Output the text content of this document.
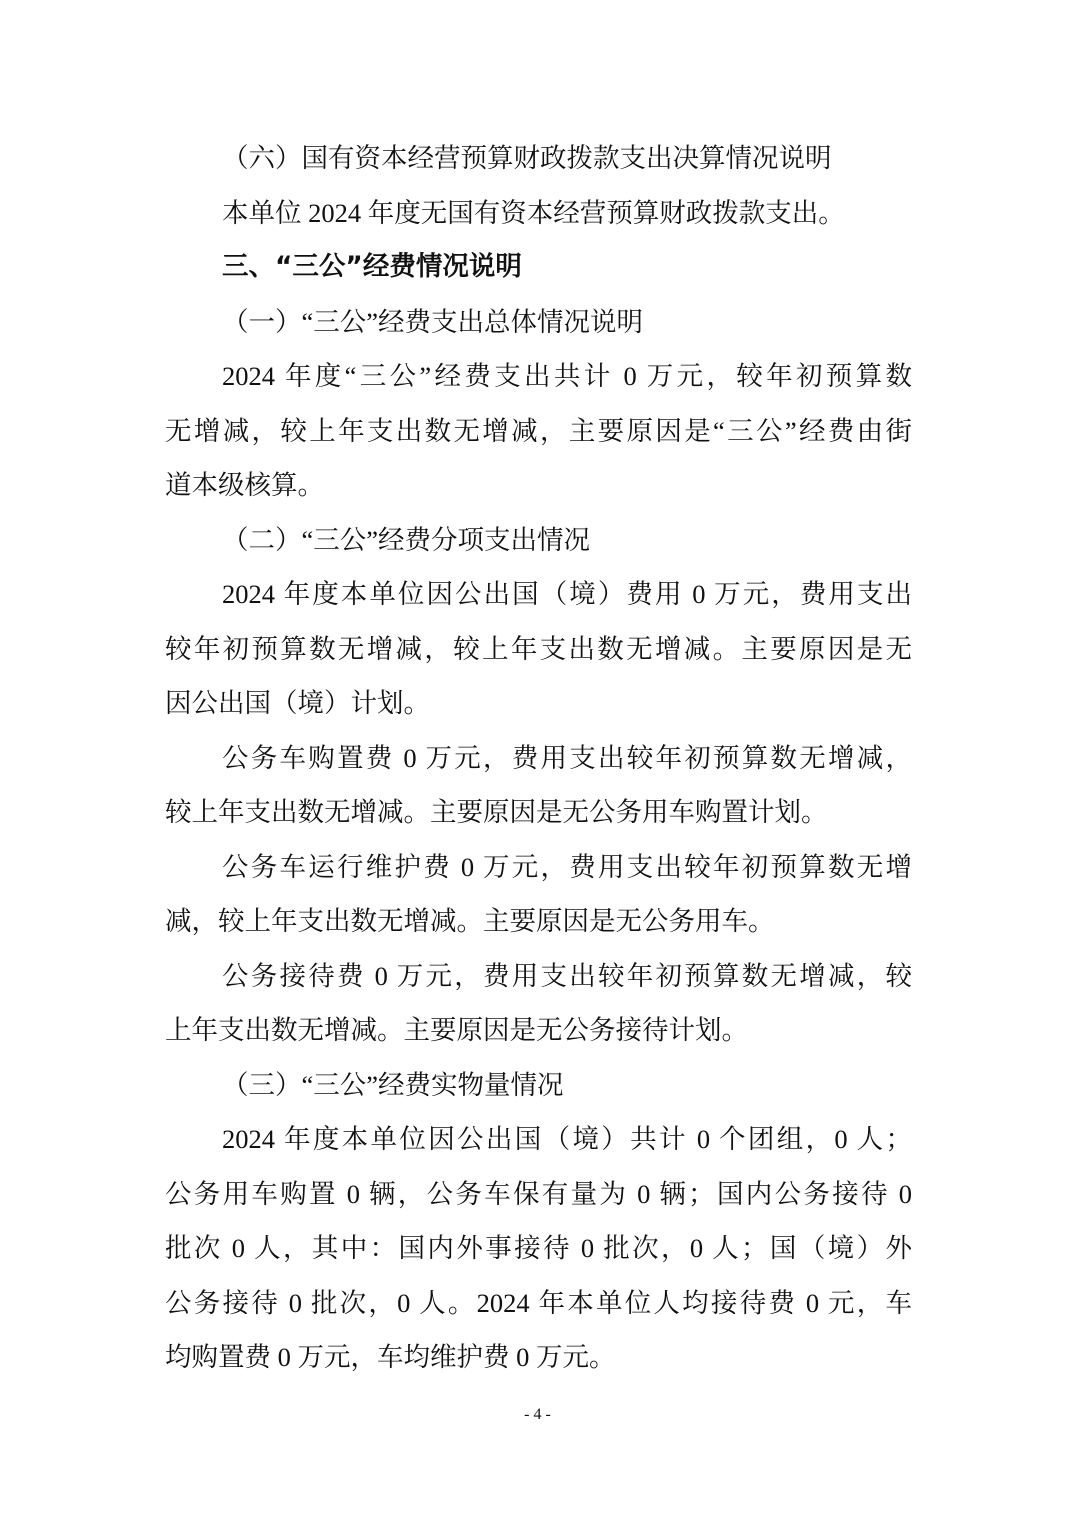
（六）国有资本经营预算财政拨款支出决算情况说明
本单位 2024 年度无国有资本经营预算财政拨款支出。
三、“三公”经费情况说明
（一）“三公”经费支出总体情况说明
2024 年度“三公”经费支出共计 0 万元，较年初预算数
无增减，较上年支出数无增减，主要原因是“三公”经费由街
道本级核算。
（二）“三公”经费分项支出情况
2024 年度本单位因公出国（境）费用 0 万元，费用支出
较年初预算数无增减，较上年支出数无增减。主要原因是无
因公出国（境）计划。
公务车购置费 0 万元，费用支出较年初预算数无增减，
较上年支出数无增减。主要原因是无公务用车购置计划。
公务车运行维护费 0 万元，费用支出较年初预算数无增
减，较上年支出数无增减。主要原因是无公务用车。
公务接待费 0 万元，费用支出较年初预算数无增减，较
上年支出数无增减。主要原因是无公务接待计划。
（三）“三公”经费实物量情况
2024 年度本单位因公出国（境）共计 0 个团组，0 人；
公务用车购置 0 辆，公务车保有量为 0 辆；国内公务接待 0
批次 0 人，其中：国内外事接待 0 批次，0 人；国（境）外
公务接待 0 批次，0 人。2024 年本单位人均接待费 0 元，车
均购置费 0 万元，车均维护费 0 万元。
- 4 -
